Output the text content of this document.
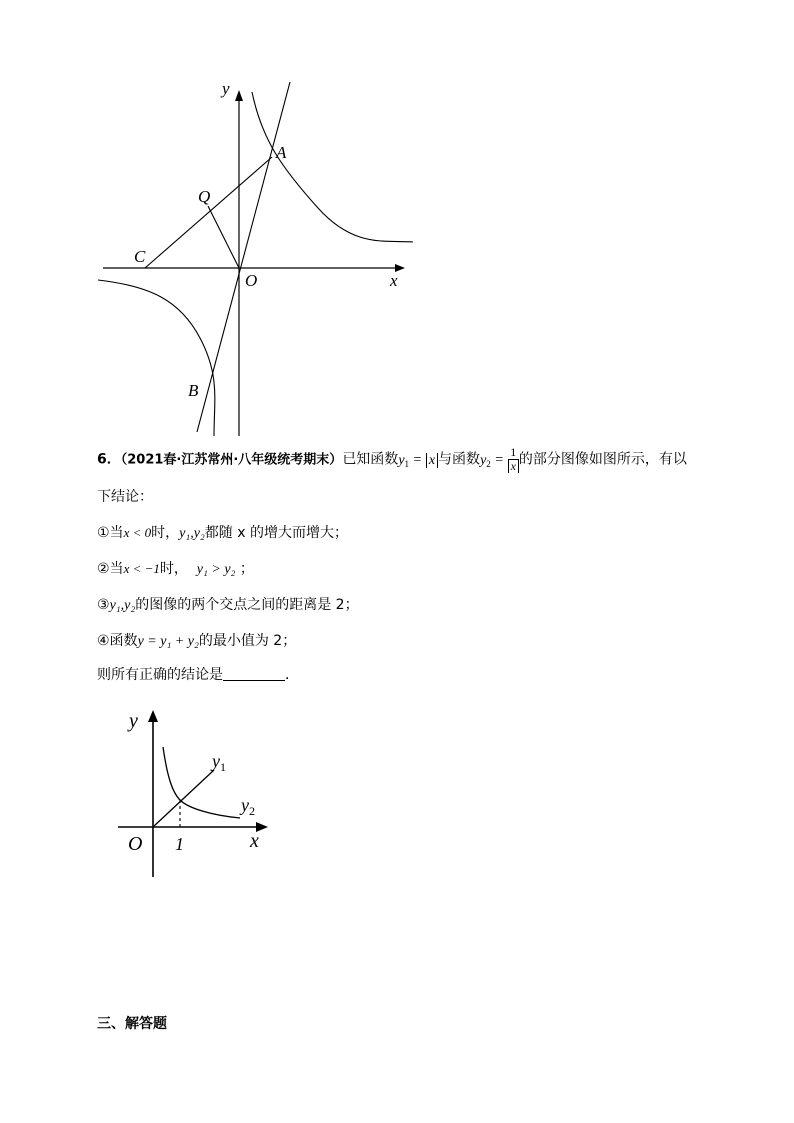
y
x
A
Q
C
O
B
6．（2021春·江苏常州·八年级统考期末）已知函数$y_1 = x$ 与函数$y_2 = \frac{1}{x}$ 的部分图像如图所示，有以
下结论：
①当x < 0时，y₁,y₂都随 x 的增大而增大；
②当x < −1时， y₁ > y₂ ；
③y₁,y₂的图像的两个交点之间的距离是 2；
④函数y = y₁ + y₂的最小值为 2；
则所有正确的结论是	．
y
$y_1$
$y_2$
O 1	x
三、解答题
